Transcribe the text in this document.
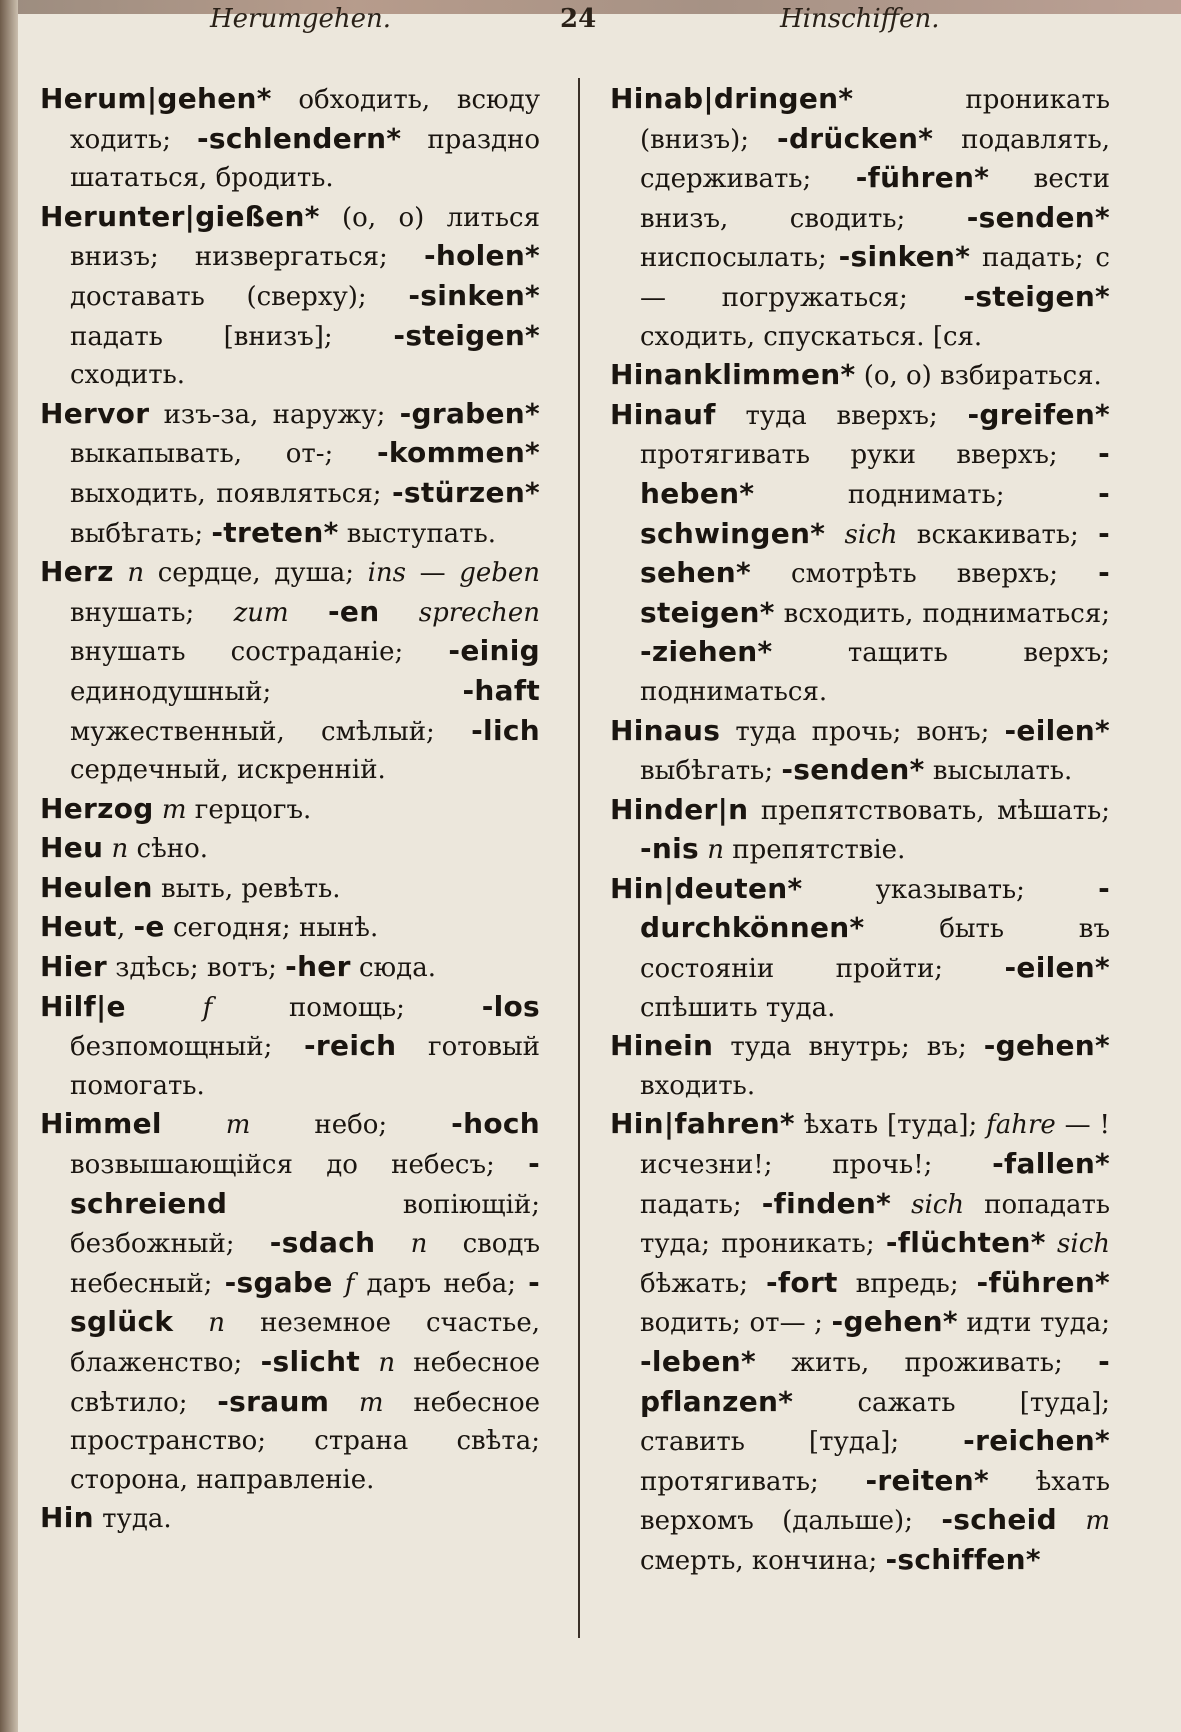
Herumgehen.	24	Hinschiffen.

Herum|gehen* обходить, всюду ходить; -schlendern* праздно шататься, бродить.

Herunter|gießen* (о, о) литься внизъ; низвергаться; -holen* доставать (сверху); -sinken* падать [внизъ]; -steigen* сходить.

Hervor изъ-за, наружу; -graben* выкапывать, от-; -kommen* выходить, появляться; -stürzen* выбѣгать; -treten* выступать.

Herz n сердце, душа; ins — geben внушать; zum -en sprechen внушать состраданіе; -einig единодушный; -haft мужественный, смѣлый; -lich сердечный, искренній.

Herzog m герцогъ.

Heu n сѣно.

Heulen выть, ревѣть.

Heut, -e сегодня; нынѣ.

Hier здѣсь; вотъ; -her сюда.

Hilf|e	f помощь; -los безпомощный; -reich готовый помогать.

Himmel m небо; -hoch возвышающійся до небесъ; -schreiend вопіющій; безбожный; -sdach n сводъ небесный; -sgabe f даръ неба; -sglück n неземное счастье, блаженство; -slicht n небесное свѣтило; -sraum m небесное пространство; страна свѣта; сторона, направленіе.

Hin туда.

Hinab|dringen* проникать (внизъ); -drücken* подавлять, сдерживать; -führen* вести внизъ, сводить; -senden* ниспосылать; -sinken* падать; с— погружаться; -steigen* сходить, спускаться. [ся.

Hinanklimmen* (о, о) взбираться.

Hinauf туда вверхъ; -greifen* протягивать руки вверхъ; -heben* поднимать; -schwingen* sich вскакивать; -sehen* смотрѣть вверхъ; -steigen* всходить, подниматься; -ziehen* тащить верхъ; подниматься.

Hinaus туда прочь; вонъ; -eilen* выбѣгать; -senden* высылать.

Hinder|n препятствовать, мѣшать; -nis n препятствіе.

Hin|deuten* указывать; -durchkönnen* быть въ состояніи пройти; -eilen* спѣшить туда.

Hinein туда внутрь; въ; -gehen* входить.

Hin|fahren* ѣхать [туда]; fahre — ! исчезни!; прочь!; -fallen* падать; -finden* sich попадать туда; проникать; -flüchten* sich бѣжать; -fort впредь; -führen* водить; от— ; -gehen* идти туда; -leben* жить, проживать; -pflanzen* сажать [туда]; ставить [туда]; -reichen* протягивать; -reiten* ѣхать верхомъ (дальше); -scheid m смерть, кончина; -schiffen*
